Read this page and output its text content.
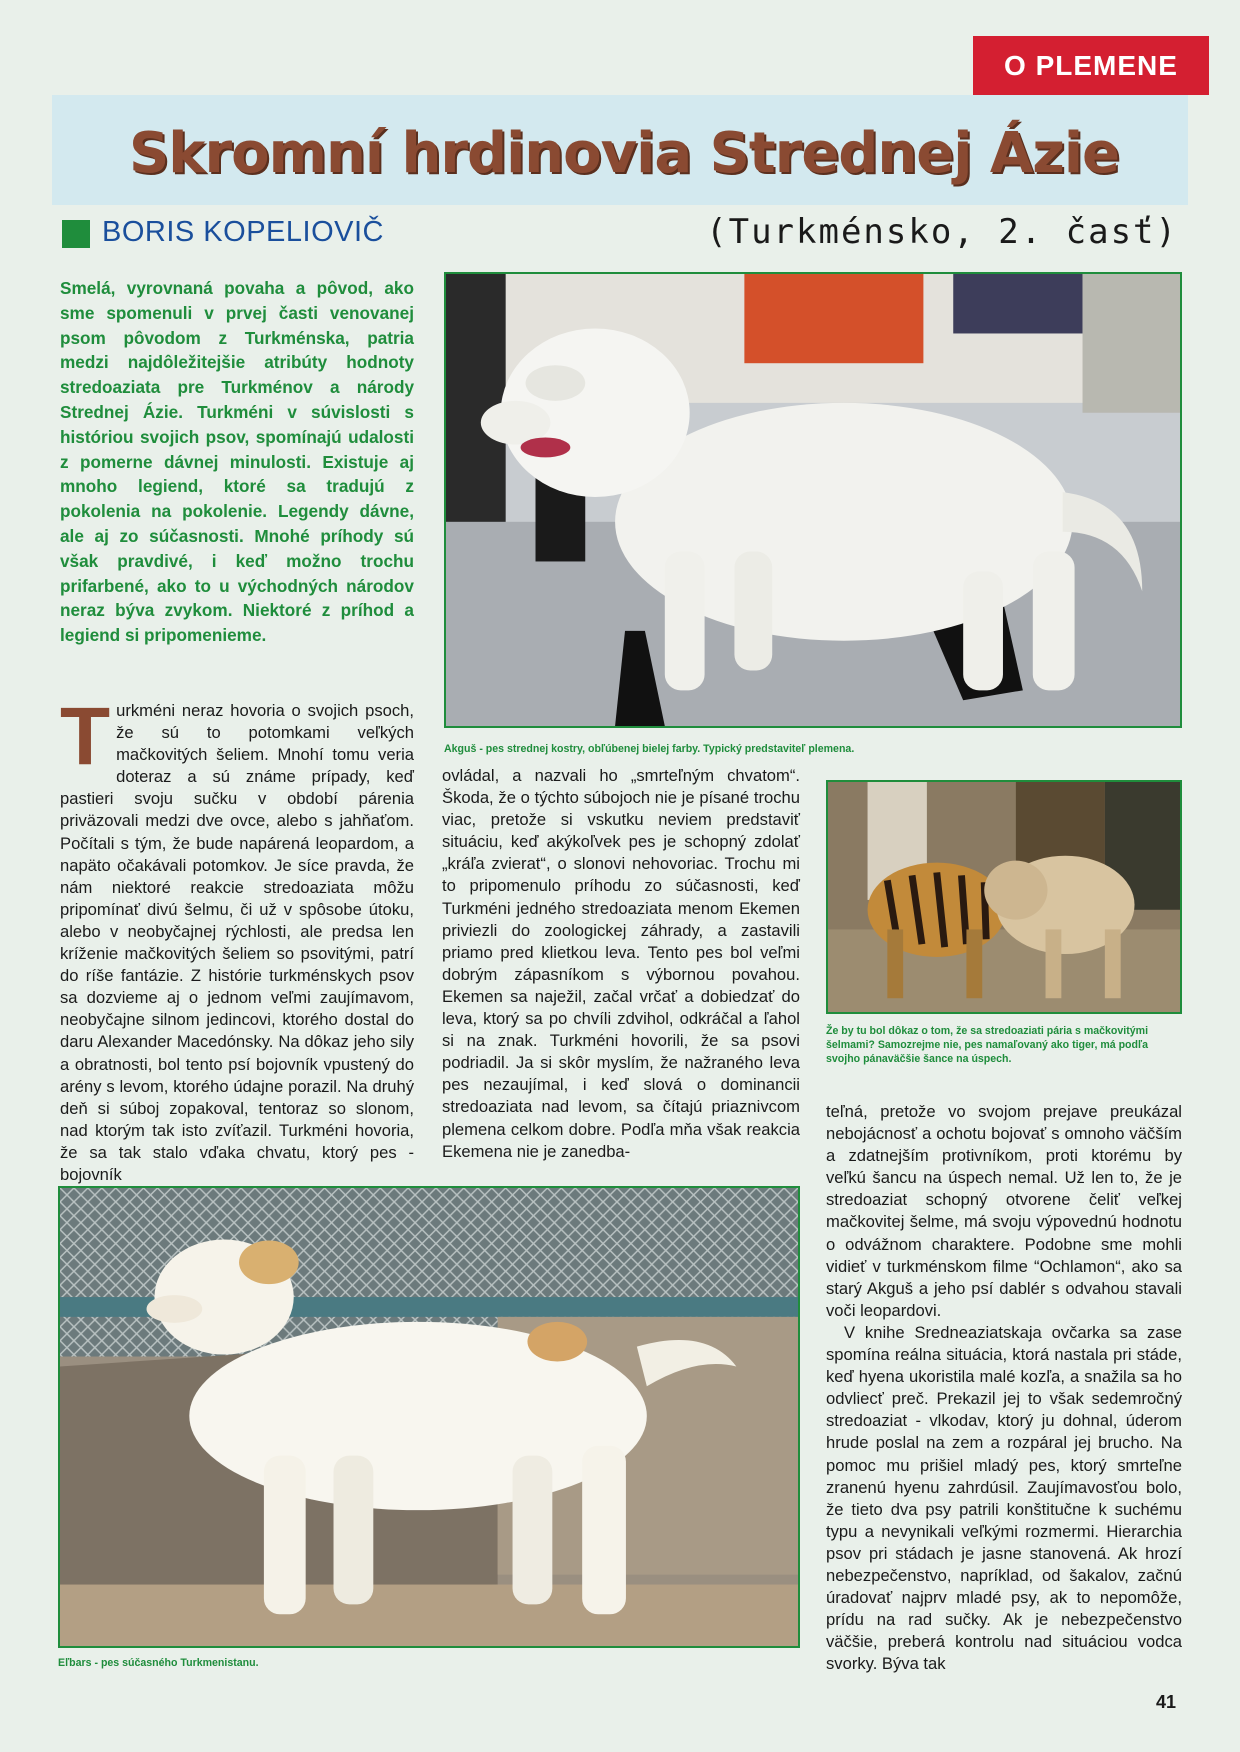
O PLEMENE
Skromní hrdinovia Strednej Ázie
BORIS KOPELIOVIČ	(Turkménsko, 2. časť)
Smelá, vyrovnaná povaha a pôvod, ako sme spomenuli v prvej časti venovanej psom pôvodom z Turkménska, patria medzi najdôležitejšie atribúty hodnoty stredoaziata pre Turkménov a národy Strednej Ázie. Turkméni v súvislosti s históriou svojich psov, spomínajú udalosti z pomerne dávnej minulosti. Existuje aj mnoho legiend, ktoré sa tradujú z pokolenia na pokolenie. Legendy dávne, ale aj zo súčasnosti. Mnohé príhody sú však pravdivé, i keď možno trochu prifarbené, ako to u východných národov neraz býva zvykom. Niektoré z príhod a legiend si pripomenieme.
Akguš - pes strednej kostry, obľúbenej bielej farby. Typický predstaviteľ plemena.

Turkméni neraz hovoria o svojich psoch, že sú to potomkami veľkých mačkovitých šeliem. Mnohí tomu veria doteraz a sú známe prípady, keď pastieri svoju sučku v období párenia priväzovali medzi dve ovce, alebo s jahňaťom. Počítali s tým, že bude napárená leopardom, a napäto očakávali potomkov. Je síce pravda, že nám niektoré reakcie stredoaziata môžu pripomínať divú šelmu, či už v spôsobe útoku, alebo v neobyčajnej rýchlosti, ale predsa len kríženie mačkovitých šeliem so psovitými, patrí do ríše fantázie. Z histórie turkménskych psov sa dozvieme aj o jednom veľmi zaujímavom, neobyčajne silnom jedincovi, ktorého dostal do daru Alexander Macedónsky. Na dôkaz jeho sily a obratnosti, bol tento psí bojovník vpustený do arény s levom, ktorého údajne porazil. Na druhý deň si súboj zopakoval, tentoraz so slonom, nad ktorým tak isto zvíťazil. Turkméni hovoria, že sa tak stalo vďaka chvatu, ktorý pes - bojovník

ovládal, a nazvali ho „smrteľným chvatom“. Škoda, že o týchto súbojoch nie je písané trochu viac, pretože si vskutku neviem predstaviť situáciu, keď akýkoľvek pes je schopný zdolať „kráľa zvierat“, o slonovi nehovoriac. Trochu mi to pripomenulo príhodu zo súčasnosti, keď Turkméni jedného stredoaziata menom Ekemen priviezli do zoologickej záhrady, a zastavili priamo pred klietkou leva. Tento pes bol veľmi dobrým zápasníkom s výbornou povahou. Ekemen sa naježil, začal vrčať a dobiedzať do leva, ktorý sa po chvíli zdvihol, odkráčal a ľahol si na znak. Turkméni hovorili, že sa psovi podriadil. Ja si skôr myslím, že nažraného leva pes nezaujímal, i keď slová o dominancii stredoaziata nad levom, sa čítajú priaznivcom plemena celkom dobre. Podľa mňa však reakcia Ekemena nie je zanedba-

Že by tu bol dôkaz o tom, že sa stredoaziati pária s mačkovitými šelmami? Samozrejme nie, pes namaľovaný ako tiger, má podľa svojho pánaväčšie šance na úspech.
Eľbars - pes súčasného Turkmenistanu.

teľná, pretože vo svojom prejave preukázal nebojácnosť a ochotu bojovať s omnoho väčším a zdatnejším protivníkom, proti ktorému by veľkú šancu na úspech nemal. Už len to, že je stredoaziat schopný otvorene čeliť veľkej mačkovitej šelme, má svoju výpovednú hodnotu o odvážnom charaktere. Podobne sme mohli vidieť v turkménskom filme “Ochlamon“, ako sa starý Akguš a jeho psí dablér s odvahou stavali voči leopardovi.

V knihe Sredneaziatskaja ovčarka sa zase spomína reálna situácia, ktorá nastala pri stáde, keď hyena ukoristila malé kozľa, a snažila sa ho odvliecť preč. Prekazil jej to však sedemročný stredoaziat - vlkodav, ktorý ju dohnal, úderom hrude poslal na zem a rozpáral jej brucho. Na pomoc mu prišiel mladý pes, ktorý smrteľne zranenú hyenu zahrdúsil. Zaujímavosťou bolo, že tieto dva psy patrili konštitučne k suchému typu a nevynikali veľkými rozmermi. Hierarchia psov pri stádach je jasne stanovená. Ak hrozí nebezpečenstvo, napríklad, od šakalov, začnú úradovať najprv mladé psy, ak to nepomôže, prídu na rad sučky. Ak je nebezpečenstvo väčšie, preberá kontrolu nad situáciou vodca svorky. Býva tak

41
